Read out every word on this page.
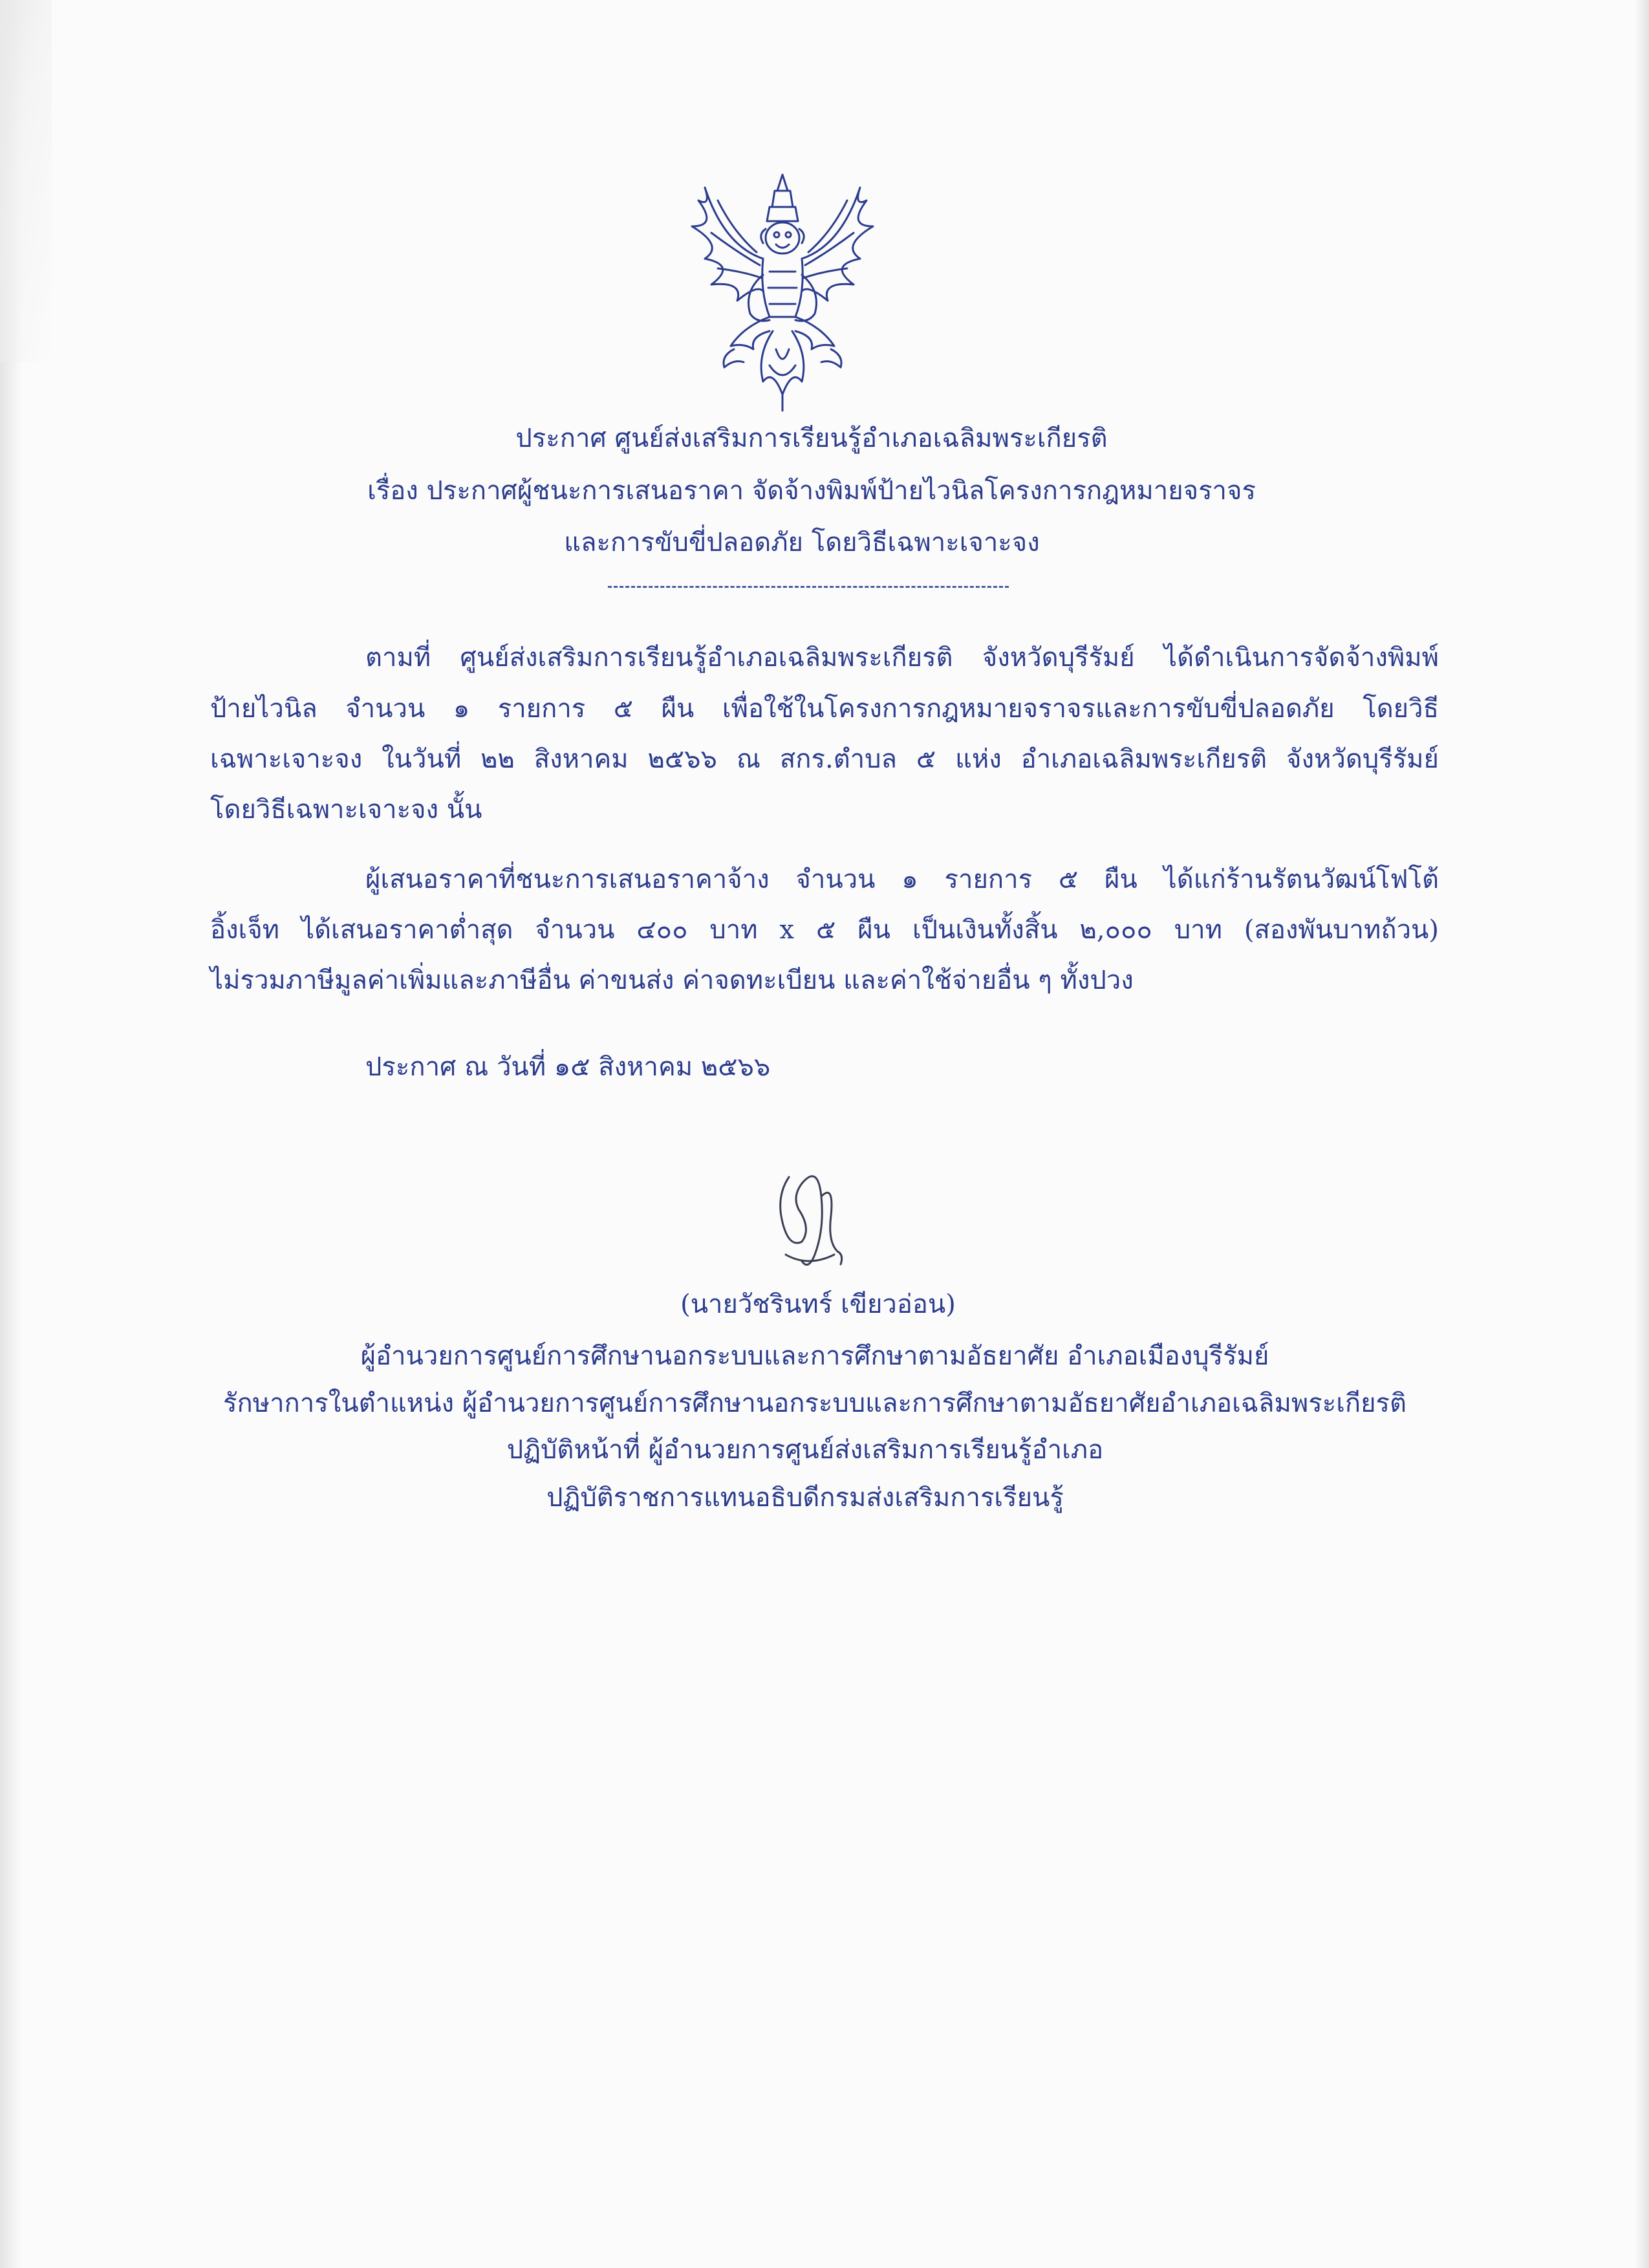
ประกาศ ศูนย์ส่งเสริมการเรียนรู้อำเภอเฉลิมพระเกียรติ
เรื่อง ประกาศผู้ชนะการเสนอราคา จัดจ้างพิมพ์ป้ายไวนิลโครงการกฎหมายจราจร
และการขับขี่ปลอดภัย โดยวิธีเฉพาะเจาะจง
ตามที่ ศูนย์ส่งเสริมการเรียนรู้อำเภอเฉลิมพระเกียรติ จังหวัดบุรีรัมย์ ได้ดำเนินการจัดจ้างพิมพ์
ป้ายไวนิล จำนวน ๑ รายการ ๕ ผืน เพื่อใช้ในโครงการกฎหมายจราจรและการขับขี่ปลอดภัย โดยวิธี
เฉพาะเจาะจง ในวันที่ ๒๒ สิงหาคม ๒๕๖๖ ณ สกร.ตำบล ๕ แห่ง อำเภอเฉลิมพระเกียรติ จังหวัดบุรีรัมย์
โดยวิธีเฉพาะเจาะจง นั้น
ผู้เสนอราคาที่ชนะการเสนอราคาจ้าง จำนวน ๑ รายการ ๕ ผืน ได้แก่ร้านรัตนวัฒน์โฟโต้
อิ้งเจ็ท ได้เสนอราคาต่ำสุด จำนวน ๔๐๐ บาท x ๕ ผืน เป็นเงินทั้งสิ้น ๒,๐๐๐ บาท (สองพันบาทถ้วน)
ไม่รวมภาษีมูลค่าเพิ่มและภาษีอื่น ค่าขนส่ง ค่าจดทะเบียน และค่าใช้จ่ายอื่น ๆ ทั้งปวง
ประกาศ ณ วันที่ ๑๕ สิงหาคม ๒๕๖๖
(นายวัชรินทร์ เขียวอ่อน)
ผู้อำนวยการศูนย์การศึกษานอกระบบและการศึกษาตามอัธยาศัย อำเภอเมืองบุรีรัมย์
รักษาการในตำแหน่ง ผู้อำนวยการศูนย์การศึกษานอกระบบและการศึกษาตามอัธยาศัยอำเภอเฉลิมพระเกียรติ
ปฏิบัติหน้าที่ ผู้อำนวยการศูนย์ส่งเสริมการเรียนรู้อำเภอ
ปฏิบัติราชการแทนอธิบดีกรมส่งเสริมการเรียนรู้
